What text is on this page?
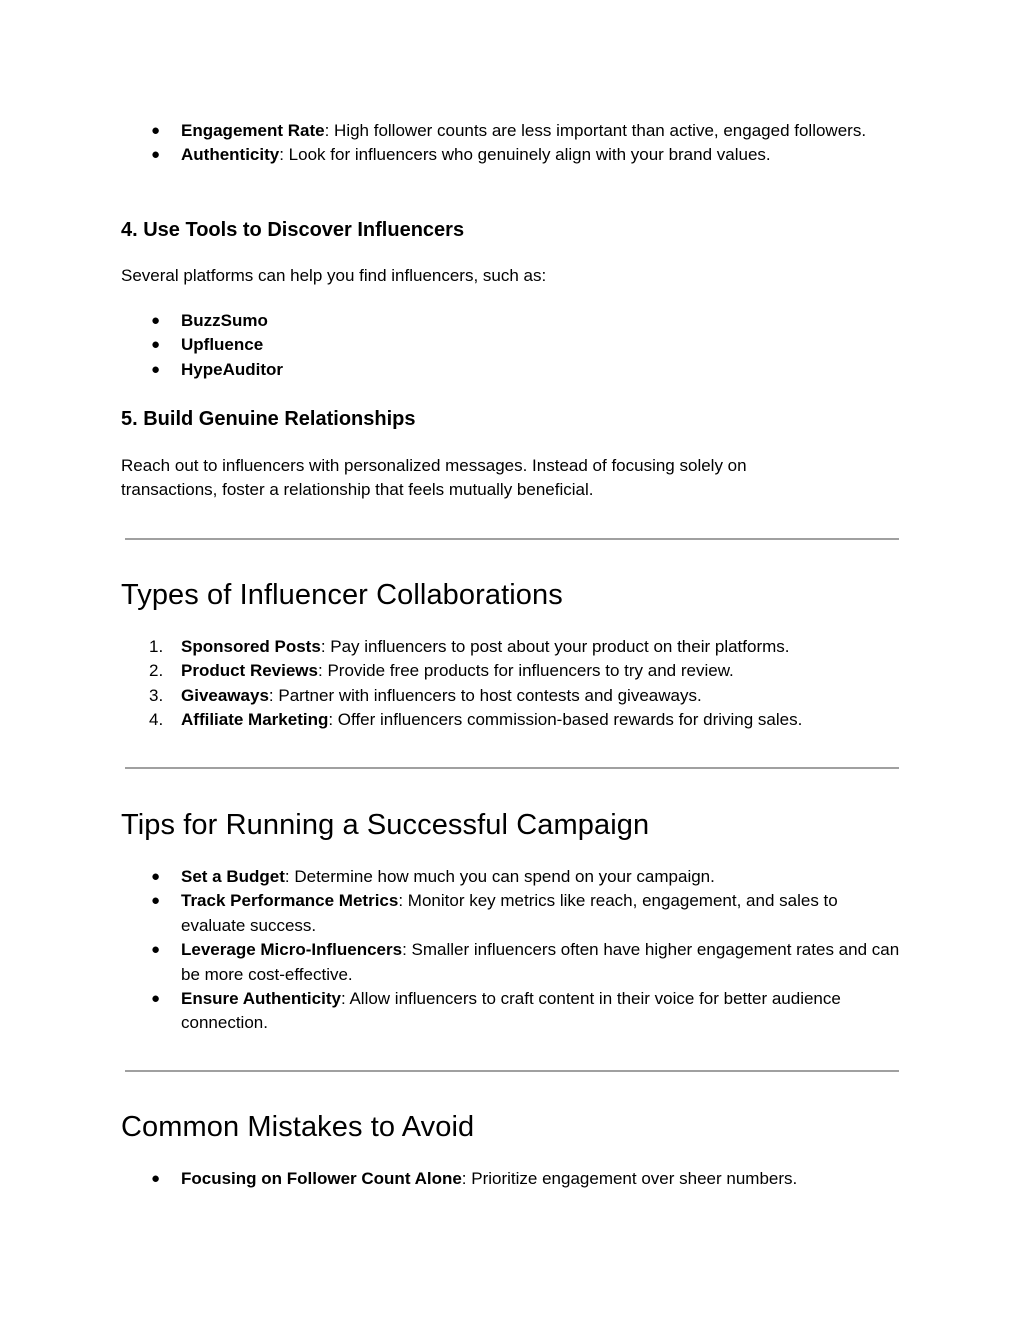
●	Engagement Rate: High follower counts are less important than active, engaged followers.
●	Authenticity: Look for influencers who genuinely align with your brand values.
4. Use Tools to Discover Influencers
Several platforms can help you find influencers, such as:
●	BuzzSumo
●	Upfluence
●	HypeAuditor
5. Build Genuine Relationships
Reach out to influencers with personalized messages. Instead of focusing solely on transactions, foster a relationship that feels mutually beneficial.
Types of Influencer Collaborations
1. Sponsored Posts: Pay influencers to post about your product on their platforms.
2. Product Reviews: Provide free products for influencers to try and review.
3. Giveaways: Partner with influencers to host contests and giveaways.
4. Affiliate Marketing: Offer influencers commission-based rewards for driving sales.
Tips for Running a Successful Campaign
●	Set a Budget: Determine how much you can spend on your campaign.
●	Track Performance Metrics: Monitor key metrics like reach, engagement, and sales to evaluate success.
●	Leverage Micro-Influencers: Smaller influencers often have higher engagement rates and can be more cost-effective.
●	Ensure Authenticity: Allow influencers to craft content in their voice for better audience connection.
Common Mistakes to Avoid
●	Focusing on Follower Count Alone: Prioritize engagement over sheer numbers.
